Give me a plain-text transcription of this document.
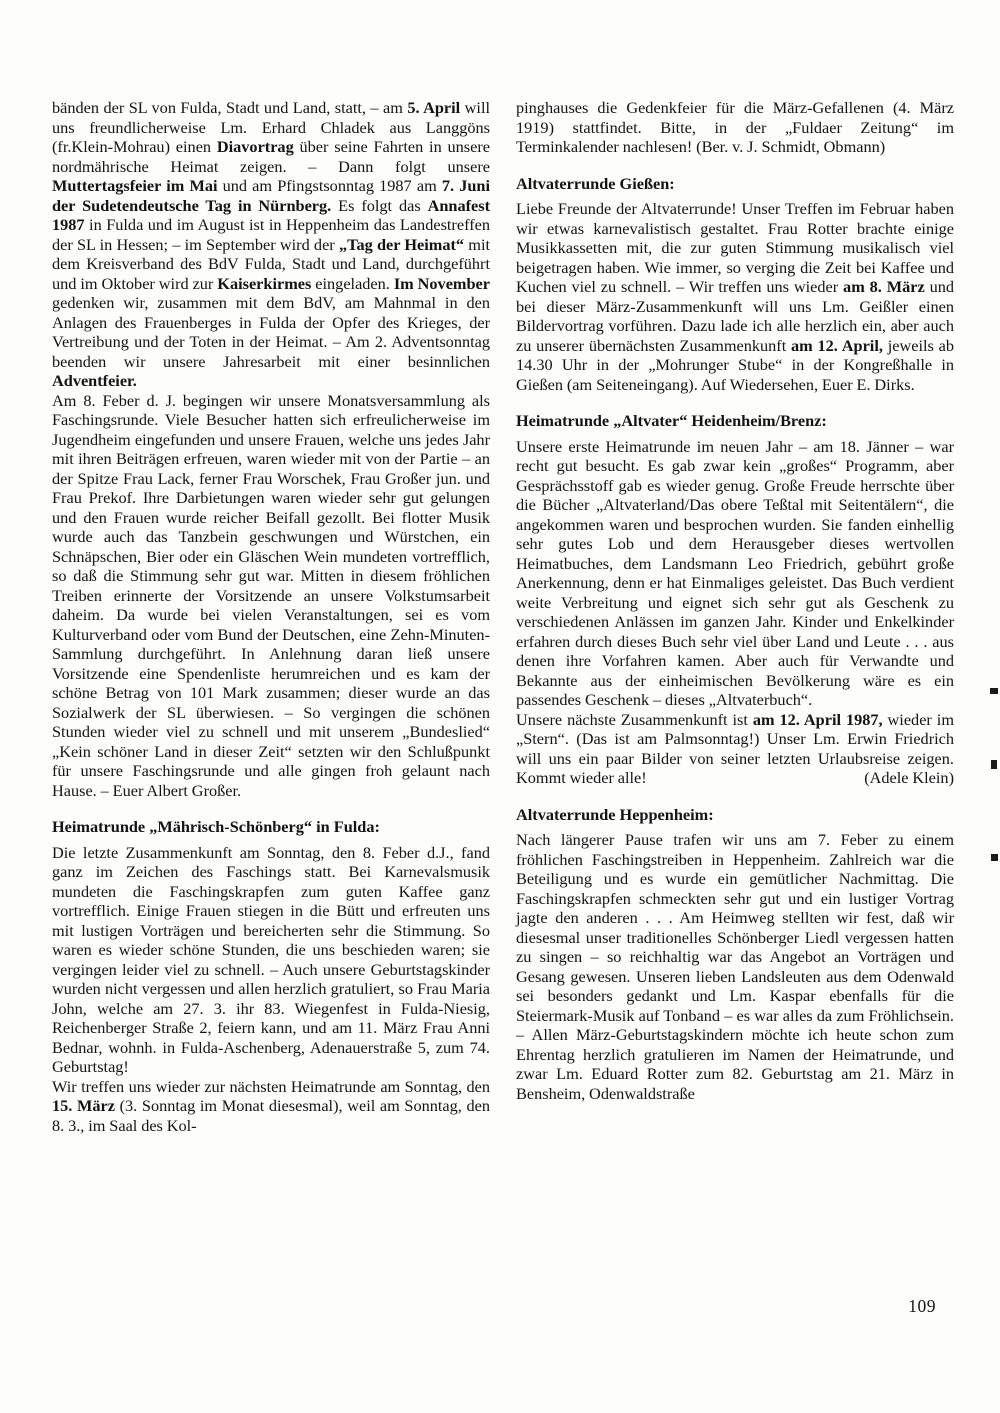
bänden der SL von Fulda, Stadt und Land, statt, – am 5. April will uns freundlicherweise Lm. Erhard Chladek aus Langgöns (fr.Klein-Mohrau) einen Diavortrag über seine Fahrten in unsere nordmährische Heimat zeigen. – Dann folgt unsere Muttertagsfeier im Mai und am Pfingstsonntag 1987 am 7. Juni der Sudetendeutsche Tag in Nürnberg. Es folgt das Annafest 1987 in Fulda und im August ist in Heppenheim das Landestreffen der SL in Hessen; – im September wird der „Tag der Heimat“ mit dem Kreisverband des BdV Fulda, Stadt und Land, durchgeführt und im Oktober wird zur Kaiserkirmes eingeladen. Im November gedenken wir, zusammen mit dem BdV, am Mahnmal in den Anlagen des Frauenberges in Fulda der Opfer des Krieges, der Vertreibung und der Toten in der Heimat. – Am 2. Adventsonntag beenden wir unsere Jahresarbeit mit einer besinnlichen Adventfeier.

Am 8. Feber d. J. begingen wir unsere Monatsversammlung als Faschingsrunde. Viele Besucher hatten sich erfreulicherweise im Jugendheim eingefunden und unsere Frauen, welche uns jedes Jahr mit ihren Beiträgen erfreuen, waren wieder mit von der Partie – an der Spitze Frau Lack, ferner Frau Worschek, Frau Großer jun. und Frau Prekof. Ihre Darbietungen waren wieder sehr gut gelungen und den Frauen wurde reicher Beifall gezollt. Bei flotter Musik wurde auch das Tanzbein geschwungen und Würstchen, ein Schnäpschen, Bier oder ein Gläschen Wein mundeten vortrefflich, so daß die Stimmung sehr gut war. Mitten in diesem fröhlichen Treiben erinnerte der Vorsitzende an unsere Volkstumsarbeit daheim. Da wurde bei vielen Veranstaltungen, sei es vom Kulturverband oder vom Bund der Deutschen, eine Zehn-Minuten-Sammlung durchgeführt. In Anlehnung daran ließ unsere Vorsitzende eine Spendenliste herumreichen und es kam der schöne Betrag von 101 Mark zusammen; dieser wurde an das Sozialwerk der SL überwiesen. – So vergingen die schönen Stunden wieder viel zu schnell und mit unserem „Bundeslied“ „Kein schöner Land in dieser Zeit“ setzten wir den Schlußpunkt für unsere Faschingsrunde und alle gingen froh gelaunt nach Hause. – Euer Albert Großer.

Heimatrunde „Mährisch-Schönberg“ in Fulda:

Die letzte Zusammenkunft am Sonntag, den 8. Feber d.J., fand ganz im Zeichen des Faschings statt. Bei Karnevalsmusik mundeten die Faschingskrapfen zum guten Kaffee ganz vortrefflich. Einige Frauen stiegen in die Bütt und erfreuten uns mit lustigen Vorträgen und bereicherten sehr die Stimmung. So waren es wieder schöne Stunden, die uns beschieden waren; sie vergingen leider viel zu schnell. – Auch unsere Geburtstagskinder wurden nicht vergessen und allen herzlich gratuliert, so Frau Maria John, welche am 27. 3. ihr 83. Wiegenfest in Fulda-Niesig, Reichenberger Straße 2, feiern kann, und am 11. März Frau Anni Bednar, wohnh. in Fulda-Aschenberg, Adenauerstraße 5, zum 74. Geburtstag!

Wir treffen uns wieder zur nächsten Heimatrunde am Sonntag, den 15. März (3. Sonntag im Monat diesesmal), weil am Sonntag, den 8. 3., im Saal des Kol-

pinghauses die Gedenkfeier für die März-Gefallenen (4. März 1919) stattfindet. Bitte, in der „Fuldaer Zeitung“ im Terminkalender nachlesen! (Ber. v. J. Schmidt, Obmann)

Altvaterrunde Gießen:

Liebe Freunde der Altvaterrunde! Unser Treffen im Februar haben wir etwas karnevalistisch gestaltet. Frau Rotter brachte einige Musikkassetten mit, die zur guten Stimmung musikalisch viel beigetragen haben. Wie immer, so verging die Zeit bei Kaffee und Kuchen viel zu schnell. – Wir treffen uns wieder am 8. März und bei dieser März-Zusammenkunft will uns Lm. Geißler einen Bildervortrag vorführen. Dazu lade ich alle herzlich ein, aber auch zu unserer übernächsten Zusammenkunft am 12. April, jeweils ab 14.30 Uhr in der „Mohrunger Stube“ in der Kongreßhalle in Gießen (am Seiteneingang). Auf Wiedersehen, Euer E. Dirks.

Heimatrunde „Altvater“ Heidenheim/Brenz:

Unsere erste Heimatrunde im neuen Jahr – am 18. Jänner – war recht gut besucht. Es gab zwar kein „großes“ Programm, aber Gesprächsstoff gab es wieder genug. Große Freude herrschte über die Bücher „Altvaterland/Das obere Teßtal mit Seitentälern“, die angekommen waren und besprochen wurden. Sie fanden einhellig sehr gutes Lob und dem Herausgeber dieses wertvollen Heimatbuches, dem Landsmann Leo Friedrich, gebührt große Anerkennung, denn er hat Einmaliges geleistet. Das Buch verdient weite Verbreitung und eignet sich sehr gut als Geschenk zu verschiedenen Anlässen im ganzen Jahr. Kinder und Enkelkinder erfahren durch dieses Buch sehr viel über Land und Leute . . . aus denen ihre Vorfahren kamen. Aber auch für Verwandte und Bekannte aus der einheimischen Bevölkerung wäre es ein passendes Geschenk – dieses „Altvaterbuch“.

Unsere nächste Zusammenkunft ist am 12. April 1987, wieder im „Stern“. (Das ist am Palmsonntag!) Unser Lm. Erwin Friedrich will uns ein paar Bilder von seiner letzten Urlaubsreise zeigen. Kommt wieder alle!	(Adele Klein)

Altvaterrunde Heppenheim:

Nach längerer Pause trafen wir uns am 7. Feber zu einem fröhlichen Faschingstreiben in Heppenheim. Zahlreich war die Beteiligung und es wurde ein gemütlicher Nachmittag. Die Faschingskrapfen schmeckten sehr gut und ein lustiger Vortrag jagte den anderen . . . Am Heimweg stellten wir fest, daß wir diesesmal unser traditionelles Schönberger Liedl vergessen hatten zu singen – so reichhaltig war das Angebot an Vorträgen und Gesang gewesen. Unseren lieben Landsleuten aus dem Odenwald sei besonders gedankt und Lm. Kaspar ebenfalls für die Steiermark-Musik auf Tonband – es war alles da zum Fröhlichsein. – Allen März-Geburtstagskindern möchte ich heute schon zum Ehrentag herzlich gratulieren im Namen der Heimatrunde, und zwar Lm. Eduard Rotter zum 82. Geburtstag am 21. März in Bensheim, Odenwaldstraße

109
